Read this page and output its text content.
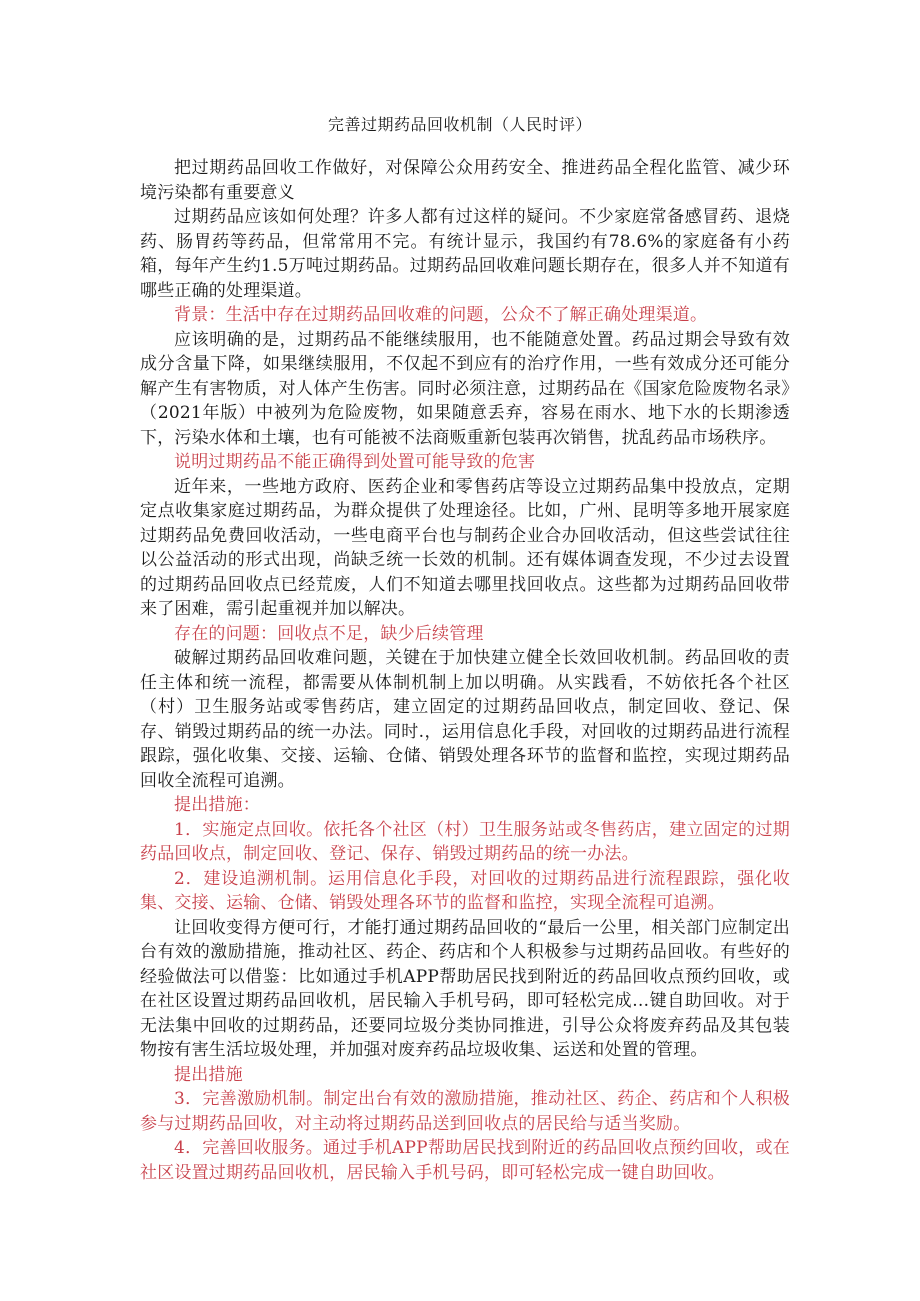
完善过期药品回收机制（人民时评）

把过期药品回收工作做好，对保障公众用药安全、推进药品全程化监管、减少环境污染都有重要意义

过期药品应该如何处理？许多人都有过这样的疑问。不少家庭常备感冒药、退烧药、肠胃药等药品，但常常用不完。有统计显示，我国约有78.6%的家庭备有小药箱，每年产生约1.5万吨过期药品。过期药品回收难问题长期存在，很多人并不知道有哪些正确的处理渠道。

背景：生活中存在过期药品回收难的问题，公众不了解正确处理渠道。

应该明确的是，过期药品不能继续服用，也不能随意处置。药品过期会导致有效成分含量下降，如果继续服用，不仅起不到应有的治疗作用，一些有效成分还可能分解产生有害物质，对人体产生伤害。同时必须注意，过期药品在《国家危险废物名录》（2021年版）中被列为危险废物，如果随意丢弃，容易在雨水、地下水的长期渗透下，污染水体和土壤，也有可能被不法商贩重新包装再次销售，扰乱药品市场秩序。

说明过期药品不能正确得到处置可能导致的危害

近年来，一些地方政府、医药企业和零售药店等设立过期药品集中投放点，定期定点收集家庭过期药品，为群众提供了处理途径。比如，广州、昆明等多地开展家庭过期药品免费回收活动，一些电商平台也与制药企业合办回收活动，但这些尝试往往以公益活动的形式出现，尚缺乏统一长效的机制。还有媒体调查发现，不少过去设置的过期药品回收点已经荒废，人们不知道去哪里找回收点。这些都为过期药品回收带来了困难，需引起重视并加以解决。

存在的问题：回收点不足，缺少后续管理

破解过期药品回收难问题，关键在于加快建立健全长效回收机制。药品回收的责任主体和统一流程，都需要从体制机制上加以明确。从实践看，不妨依托各个社区（村）卫生服务站或零售药店，建立固定的过期药品回收点，制定回收、登记、保存、销毁过期药品的统一办法。同时.，运用信息化手段，对回收的过期药品进行流程跟踪，强化收集、交接、运输、仓储、销毁处理各环节的监督和监控，实现过期药品回收全流程可追溯。

提出措施：

1．实施定点回收。依托各个社区（村）卫生服务站或冬售药店，建立固定的过期药品回收点，制定回收、登记、保存、销毁过期药品的统一办法。

2．建设追溯机制。运用信息化手段，对回收的过期药品进行流程跟踪，强化收集、交接、运输、仓储、销毁处理各环节的监督和监控，实现全流程可追溯。

让回收变得方便可行，才能打通过期药品回收的“最后一公里，相关部门应制定出台有效的激励措施，推动社区、药企、药店和个人积极参与过期药品回收。有些好的经验做法可以借鉴：比如通过手机APP帮助居民找到附近的药品回收点预约回收，或在社区设置过期药品回收机，居民输入手机号码，即可轻松完成…键自助回收。对于无法集中回收的过期药品，还要同垃圾分类协同推进，引导公众将废弃药品及其包装物按有害生活垃圾处理，并加强对废弃药品垃圾收集、运送和处置的管理。

提出措施

3．完善激励机制。制定出台有效的激励措施，推动社区、药企、药店和个人积极参与过期药品回收，对主动将过期药品送到回收点的居民给与适当奖励。

4．完善回收服务。通过手机APP帮助居民找到附近的药品回收点预约回收，或在社区设置过期药品回收机，居民输入手机号码，即可轻松完成一键自助回收。
